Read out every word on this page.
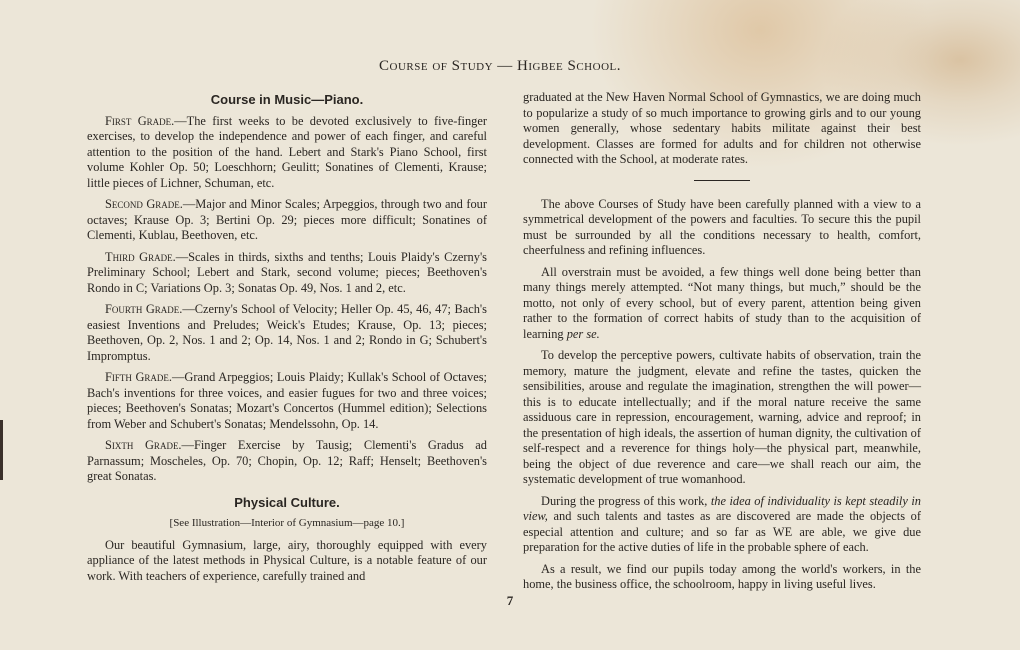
Course of Study — Higbee School.
Course in Music—Piano.

First Grade.—The first weeks to be devoted exclusively to five-finger exercises, to develop the independence and power of each finger, and careful attention to the position of the hand. Lebert and Stark's Piano School, first volume Kohler Op. 50; Loeschhorn; Geulitt; Sonatines of Clementi, Krause; little pieces of Lichner, Schuman, etc.

Second Grade.—Major and Minor Scales; Arpeggios, through two and four octaves; Krause Op. 3; Bertini Op. 29; pieces more difficult; Sonatines of Clementi, Kublau, Beethoven, etc.

Third Grade.—Scales in thirds, sixths and tenths; Louis Plaidy's Czerny's Preliminary School; Lebert and Stark, second volume; pieces; Beethoven's Rondo in C; Variations Op. 3; Sonatas Op. 49, Nos. 1 and 2, etc.

Fourth Grade.—Czerny's School of Velocity; Heller Op. 45, 46, 47; Bach's easiest Inventions and Preludes; Weick's Etudes; Krause, Op. 13; pieces; Beethoven, Op. 2, Nos. 1 and 2; Op. 14, Nos. 1 and 2; Rondo in G; Schubert's Impromptus.

Fifth Grade.—Grand Arpeggios; Louis Plaidy; Kullak's School of Octaves; Bach's inventions for three voices, and easier fugues for two and three voices; pieces; Beethoven's Sonatas; Mozart's Concertos (Hummel edition); Selections from Weber and Schubert's Sonatas; Mendelssohn, Op. 14.

Sixth Grade.—Finger Exercise by Tausig; Clementi's Gradus ad Parnassum; Moscheles, Op. 70; Chopin, Op. 12; Raff; Henselt; Beethoven's great Sonatas.

Physical Culture.
[See Illustration—Interior of Gymnasium—page 10.]

Our beautiful Gymnasium, large, airy, thoroughly equipped with every appliance of the latest methods in Physical Culture, is a notable feature of our work. With teachers of experience, carefully trained and

graduated at the New Haven Normal School of Gymnastics, we are doing much to popularize a study of so much importance to growing girls and to our young women generally, whose sedentary habits militate against their best development. Classes are formed for adults and for children not otherwise connected with the School, at moderate rates.

The above Courses of Study have been carefully planned with a view to a symmetrical development of the powers and faculties. To secure this the pupil must be surrounded by all the conditions necessary to health, comfort, cheerfulness and refining influences.

All overstrain must be avoided, a few things well done being better than many things merely attempted. “Not many things, but much,” should be the motto, not only of every school, but of every parent, attention being given rather to the formation of correct habits of study than to the acquisition of learning per se.

To develop the perceptive powers, cultivate habits of observation, train the memory, mature the judgment, elevate and refine the tastes, quicken the sensibilities, arouse and regulate the imagination, strengthen the will power—this is to educate intellectually; and if the moral nature receive the same assiduous care in repression, encouragement, warning, advice and reproof; in the presentation of high ideals, the assertion of human dignity, the cultivation of self-respect and a reverence for things holy—the physical part, meanwhile, being the object of due reverence and care—we shall reach our aim, the systematic development of true womanhood.

During the progress of this work, the idea of individuality is kept steadily in view, and such talents and tastes as are discovered are made the objects of especial attention and culture; and so far as WE are able, we give due preparation for the active duties of life in the probable sphere of each.

As a result, we find our pupils today among the world's workers, in the home, the business office, the schoolroom, happy in living useful lives.

7
